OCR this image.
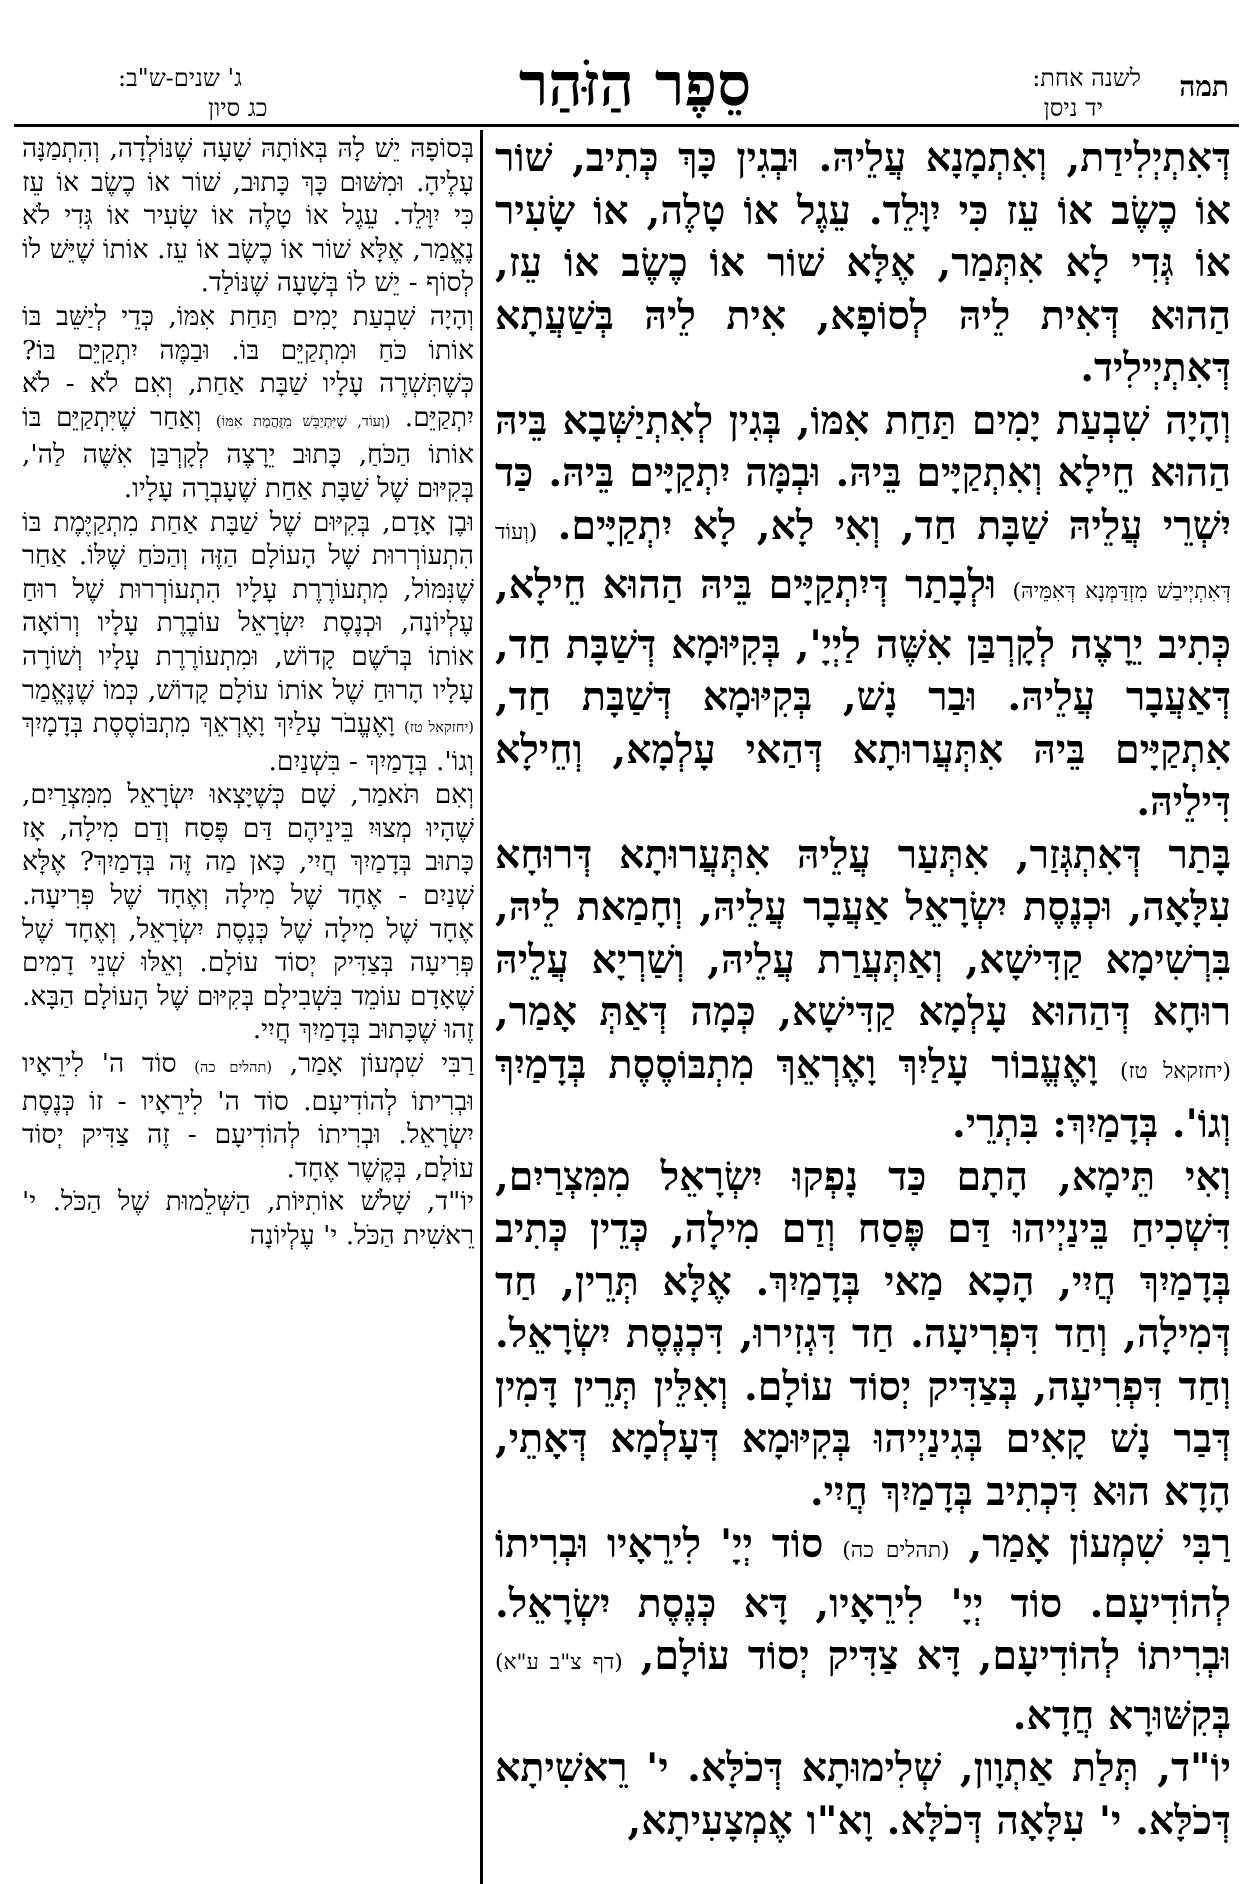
תמה
לשנה אחת:
יד ניסן
סֵפֶר הַזֹּהַר
ג' שנים-ש"ב:
כג סיון

דְּאִתְיְלִידַת, וְאִתְמָנָא עֲלֵיהּ. וּבְגִין כָּךְ כְּתִיב, שׁוֹר אוֹ כֶשֶׂב אוֹ עֵז כִּי יִוָּלֵד. עֵגֶל אוֹ טָלֶה, אוֹ שָׂעִיר אוֹ גְּדִי לָא אִתְּמַר, אֶלָּא שׁוֹר אוֹ כֶשֶׂב אוֹ עֵז, הַהוּא דְּאִית לֵיהּ לְסוֹפָא, אִית לֵיהּ בְּשַׁעֲתָא דְּאִתְיְילִיד.

וְהָיָה שִׁבְעַת יָמִים תַּחַת אִמּוֹ, בְּגִין לְאִתְיַשְּׁבָא בֵּיהּ הַהוּא חֵילָא וְאִתְקַיָּים בֵּיהּ. וּבְמָּה יִתְקַיָּים בֵּיהּ. כַּד יִשְׁרֵי עֲלֵיהּ שַׁבָּת חַד, וְאִי לָא, לָא יִתְקַיָּים. (וְעוֹד דְּאִתְיְיבַשׁ מִזְדַּמְּנָא דְּאִמֵּיהּ) וּלְבָתַר דְּיִתְקַיָּים בֵּיהּ הַהוּא חֵילָא, כְּתִיב יֵרָצֶה לְקָרְבַּן אִשֶּׁה לַיְיָ', בְּקִיּוּמָא דְּשַׁבָּת חַד, דְּאַעֲבָר עֲלֵיהּ. וּבַר נָשׁ, בְּקִיּוּמָא דְּשַׁבָּת חַד, אִתְקַיָּים בֵּיהּ אִתְּעֲרוּתָא דְּהַאי עָלְמָא, וְחֵילָא דִּילֵיהּ.

בָּתַר דְּאִתְגְּזַר, אִתְּעַר עֲלֵיהּ אִתְּעֲרוּתָא דְּרוּחָא עִלָּאָה, וּכְנֶסֶת יִשְׂרָאֵל אַעֲבָר עֲלֵיהּ, וְחָמַאת לֵיהּ, בִּרְשִׁימָא קַדִּישָׁא, וְאַתְּעֲרַת עֲלֵיהּ, וְשַׁרְיָא עֲלֵיהּ רוּחָא דְּהַהוּא עָלְמָא קַדִּישָׁא, כְּמָה דְּאַתְּ אָמַר, (יחזקאל טז) וָאֶעֱבוֹר עָלַיִךְ וָאֶרְאֵךְ מִתְבּוֹסֶסֶת בְּדָמַיִךְ וְגוֹ'. בְּדָמַיִךְ: בִּתְרֵי.

וְאִי תֵּימָא, הָתָם כַּד נָפְקוּ יִשְׂרָאֵל מִמִּצְרַיִם, דִּשְׁכִיחַ בֵּינַיְיהוּ דַּם פֶּסַח וְדַם מִילָה, כְּדֵין כְּתִיב בְּדָמַיִךְ חֲיִי, הָכָא מַאי בְּדָמַיִךְ. אֶלָּא תְּרֵין, חַד דְּמִילָה, וְחַד דִּפְרִיעָה. חַד דִּגְזִירוּ, דִּכְנֶסֶת יִשְׂרָאֵל. וְחַד דִּפְרִיעָה, בְּצַדִּיק יְסוֹד עוֹלָם. וְאִלֵּין תְּרֵין דָּמִין דְּבַר נָשׁ קָאִים בְּגִינַיְיהוּ בְּקִיּוּמָא דְּעָלְמָא דְּאָתֵי, הָדָא הוּא דִּכְתִיב בְּדָמַיִךְ חֲיִי.

רַבִּי שִׁמְעוֹן אָמַר, (תהלים כה) סוֹד יְיָ' לִירֵאָיו וּבְרִיתוֹ לְהוֹדִיעָם. סוֹד יְיָ' לִירֵאָיו, דָּא כְּנֶסֶת יִשְׂרָאֵל. וּבְרִיתוֹ לְהוֹדִיעָם, דָּא צַדִּיק יְסוֹד עוֹלָם, (דף צ"ב ע"א) בְּקִשּׁוּרָא חֲדָא.

יוֹ"ד, תְּלַת אַתְוָון, שְׁלִימוּתָא דְּכֹלָּא. י' רֵאשִׁיתָא דְּכֹלָּא. י' עִלָּאָה דְּכֹלָּא. וָא"ו אֶמְצָעִיתָא,

בְּסוֹפָהּ יֵשׁ לָהּ בְּאוֹתָהּ שָׁעָה שֶׁנּוֹלְדָה, וְהִתְמַנָּה עָלֶיהָ. וּמִשּׁוּם כָּךְ כָּתוּב, שׁוֹר אוֹ כֶשֶׂב אוֹ עֵז כִּי יִוָּלֵד. עֵגֶל אוֹ טָלֶה אוֹ שָׂעִיר אוֹ גְּדִי לֹא נֶאֱמַר, אֶלָּא שׁוֹר אוֹ כֶשֶׂב אוֹ עֵז. אוֹתוֹ שֶׁיֵּשׁ לוֹ לְסוֹף - יֵשׁ לוֹ בְּשָׁעָה שֶׁנּוֹלַד.

וְהָיָה שִׁבְעַת יָמִים תַּחַת אִמּוֹ, כְּדֵי לְיַשֵּׁב בּוֹ אוֹתוֹ כֹּחַ וּמִתְקַיֵּם בּוֹ. וּבַמֶּה יִתְקַיֵּם בּוֹ? כְּשֶׁתִּשְׁרֶה עָלָיו שַׁבָּת אַחַת, וְאִם לֹא - לֹא יִתְקַיֵּם. (וְעוֹד, שֶׁיִּתְיַבֵּשׁ מִזֻּהֲמַת אִמּוֹ) וְאַחַר שֶׁיִּתְקַיֵּם בּוֹ אוֹתוֹ הַכֹּחַ, כָּתוּב יֵרָצֶה לְקָרְבַּן אִשֶּׁה לַה', בְּקִיּוּם שֶׁל שַׁבָּת אַחַת שֶׁעָבְרָה עָלָיו.

וּבֶן אָדָם, בְּקִיּוּם שֶׁל שַׁבָּת אַחַת מִתְקַיֶּמֶת בּוֹ הִתְעוֹרְרוּת שֶׁל הָעוֹלָם הַזֶּה וְהַכֹּחַ שֶׁלּוֹ. אַחַר שֶׁנִּמּוֹל, מִתְעוֹרֶרֶת עָלָיו הִתְעוֹרְרוּת שֶׁל רוּחַ עֶלְיוֹנָה, וּכְנֶסֶת יִשְׂרָאֵל עוֹבֶרֶת עָלָיו וְרוֹאָה אוֹתוֹ בְּרֹשֶׁם קָדוֹשׁ, וּמִתְעוֹרֶרֶת עָלָיו וְשׁוֹרָה עָלָיו הָרוּחַ שֶׁל אוֹתוֹ עוֹלָם קָדוֹשׁ, כְּמוֹ שֶׁנֶּאֱמַר (יחזקאל טז) וָאֶעֱבֹר עָלַיִךְ וָאֶרְאֵךְ מִתְבּוֹסֶסֶת בְּדָמָיִךְ וְגוֹ'. בְּדָמַיִךְ - בִּשְׁנַיִם.

וְאִם תֹּאמַר, שָׁם כְּשֶׁיָּצְאוּ יִשְׂרָאֵל מִמִּצְרַיִם, שֶׁהָיוּ מְצוּיִ בֵּינֵיהֶם דַּם פֶּסַח וְדַם מִילָה, אָז כָּתוּב בְּדָמַיִךְ חֲיִי, כָּאן מַה זֶּה בְּדָמַיִךְ? אֶלָּא שְׁנַיִם - אֶחָד שֶׁל מִילָה וְאֶחָד שֶׁל פְּרִיעָה. אֶחָד שֶׁל מִילָה שֶׁל כְּנֶסֶת יִשְׂרָאֵל, וְאֶחָד שֶׁל פְּרִיעָה בְּצַדִּיק יְסוֹד עוֹלָם. וְאֵלּוּ שְׁנֵי דָמִים שֶׁאָדָם עוֹמֵד בִּשְׁבִילָם בְּקִיּוּם שֶׁל הָעוֹלָם הַבָּא. זֶהוּ שֶׁכָּתוּב בְּדָמַיִךְ חֲיִי.

רַבִּי שִׁמְעוֹן אָמַר, (תהלים כה) סוֹד ה' לִירֵאָיו וּבְרִיתוֹ לְהוֹדִיעָם. סוֹד ה' לִירֵאָיו - זוֹ כְּנֶסֶת יִשְׂרָאֵל. וּבְרִיתוֹ לְהוֹדִיעָם - זֶה צַדִּיק יְסוֹד עוֹלָם, בְּקֶשֶׁר אֶחָד.

יוֹ"ד, שָׁלֹשׁ אוֹתִיּוֹת, הַשְּׁלֵמוּת שֶׁל הַכֹּל. י' רֵאשִׁית הַכֹּל. י' עֶלְיוֹנָה
